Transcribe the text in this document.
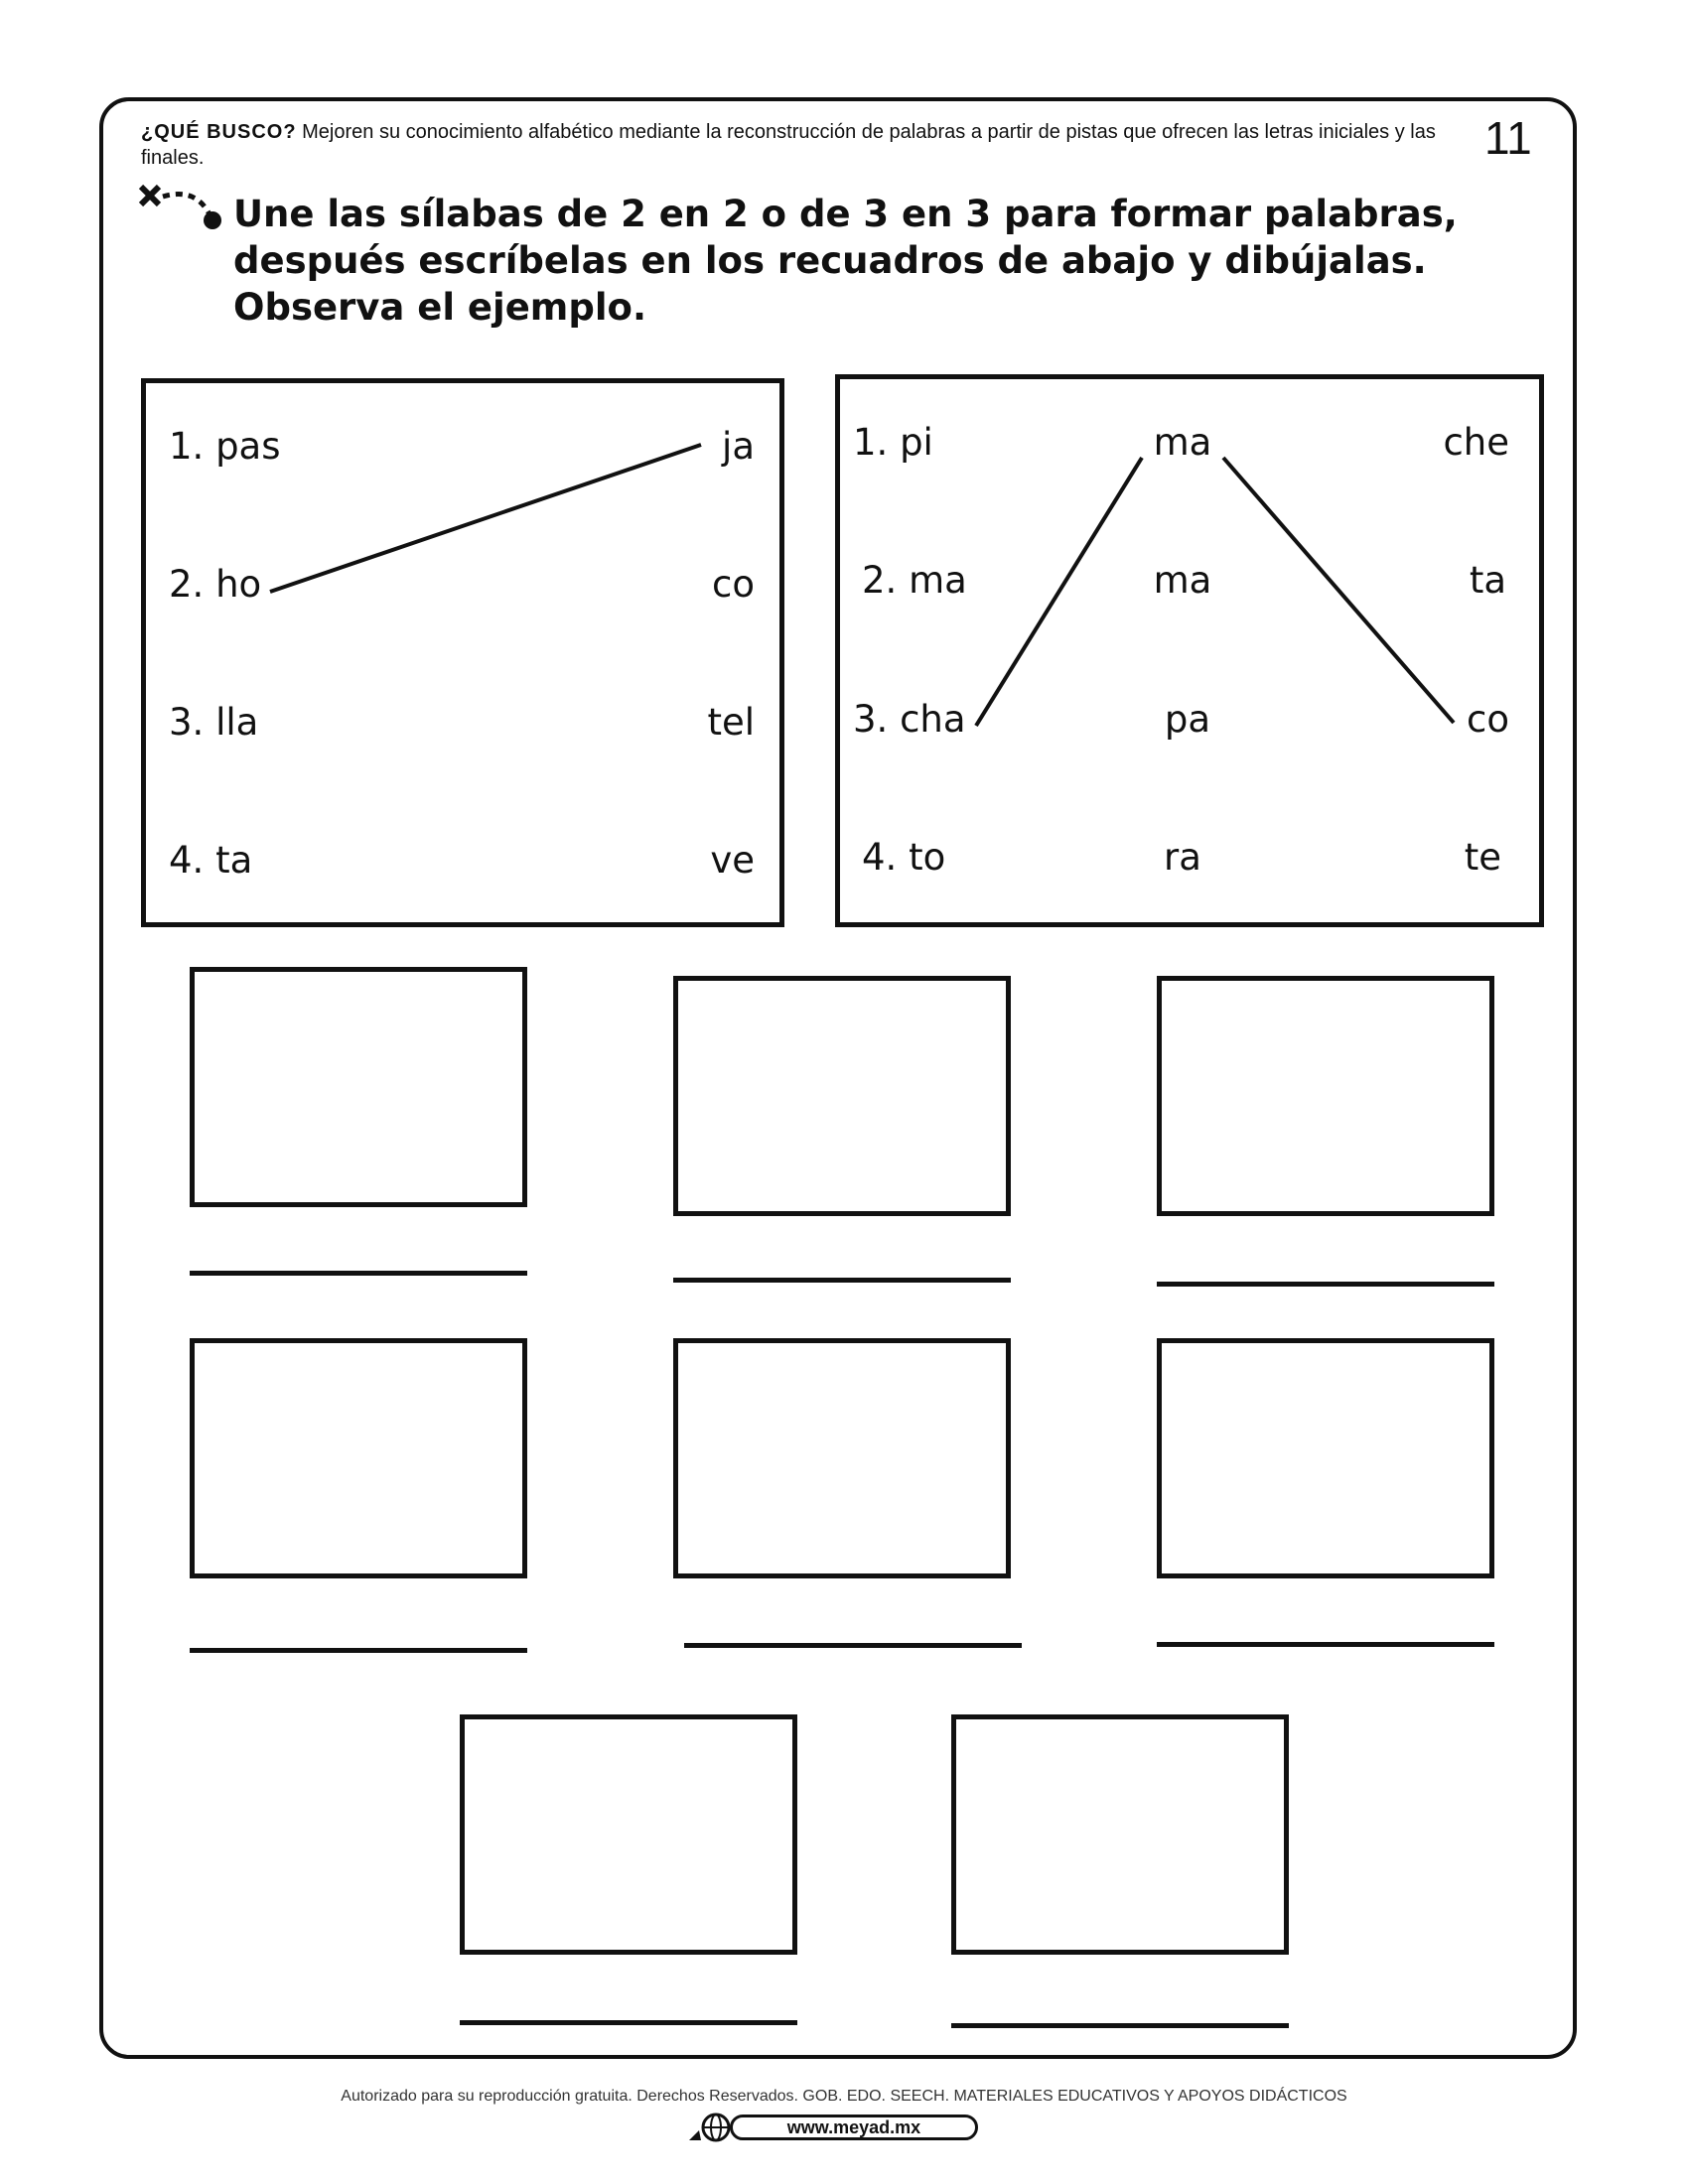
¿QUÉ BUSCO? Mejoren su conocimiento alfabético mediante la reconstrucción de palabras a partir de pistas que ofrecen las letras iniciales y las finales.	11
Une las sílabas de 2 en 2 o de 3 en 3 para formar palabras, después escríbelas en los recuadros de abajo y dibújalas. Observa el ejemplo.
1. pas
2. ho
3. lla
4. ta
ja
co
tel
ve
1. pi
2. ma
3. cha
4. to
ma
ma
pa
ra
che
ta
co
te
Autorizado para su reproducción gratuita. Derechos Reservados. GOB. EDO. SEECH. MATERIALES EDUCATIVOS Y APOYOS DIDÁCTICOS
www.meyad.mx
